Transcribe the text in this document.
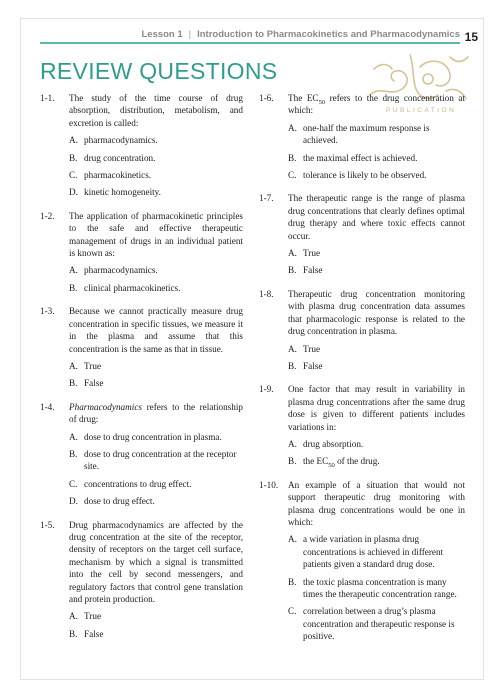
Lesson 1 | Introduction to Pharmacokinetics and Pharmacodynamics 15
REVIEW QUESTIONS
PUBLICATION
1-1. The study of the time course of drug absorption, distribution, metabolism, and excretion is called:
A. pharmacodynamics.
B. drug concentration.
C. pharmacokinetics.
D. kinetic homogeneity.
1-2. The application of pharmacokinetic principles to the safe and effective therapeutic management of drugs in an individual patient is known as:
A. pharmacodynamics.
B. clinical pharmacokinetics.
1-3. Because we cannot practically measure drug concentration in specific tissues, we measure it in the plasma and assume that this concentration is the same as that in tissue.
A. True
B. False
1-4. Pharmacodynamics refers to the relationship of drug:
A. dose to drug concentration in plasma.
B. dose to drug concentration at the receptor site.
C. concentrations to drug effect.
D. dose to drug effect.
1-5. Drug pharmacodynamics are affected by the drug concentration at the site of the receptor, density of receptors on the target cell surface, mechanism by which a signal is transmitted into the cell by second messengers, and regulatory factors that control gene translation and protein production.
A. True
B. False
1-6. The $EC_{50}$ refers to the drug concentration at which:
A. one-half the maximum response is achieved.
B. the maximal effect is achieved.
C. tolerance is likely to be observed.
1-7. The therapeutic range is the range of plasma drug concentrations that clearly defines optimal drug therapy and where toxic effects cannot occur.
A. True
B. False
1-8. Therapeutic drug concentration monitoring with plasma drug concentration data assumes that pharmacologic response is related to the drug concentration in plasma.
A. True
B. False
1-9. One factor that may result in variability in plasma drug concentrations after the same drug dose is given to different patients includes variations in:
A. drug absorption.
B. the $EC_{50}$ of the drug.
1-10. An example of a situation that would not support therapeutic drug monitoring with plasma drug concentrations would be one in which:
A. a wide variation in plasma drug concentrations is achieved in different patients given a standard drug dose.
B. the toxic plasma concentration is many times the therapeutic concentration range.
C. correlation between a drug’s plasma concentration and therapeutic response is positive.
